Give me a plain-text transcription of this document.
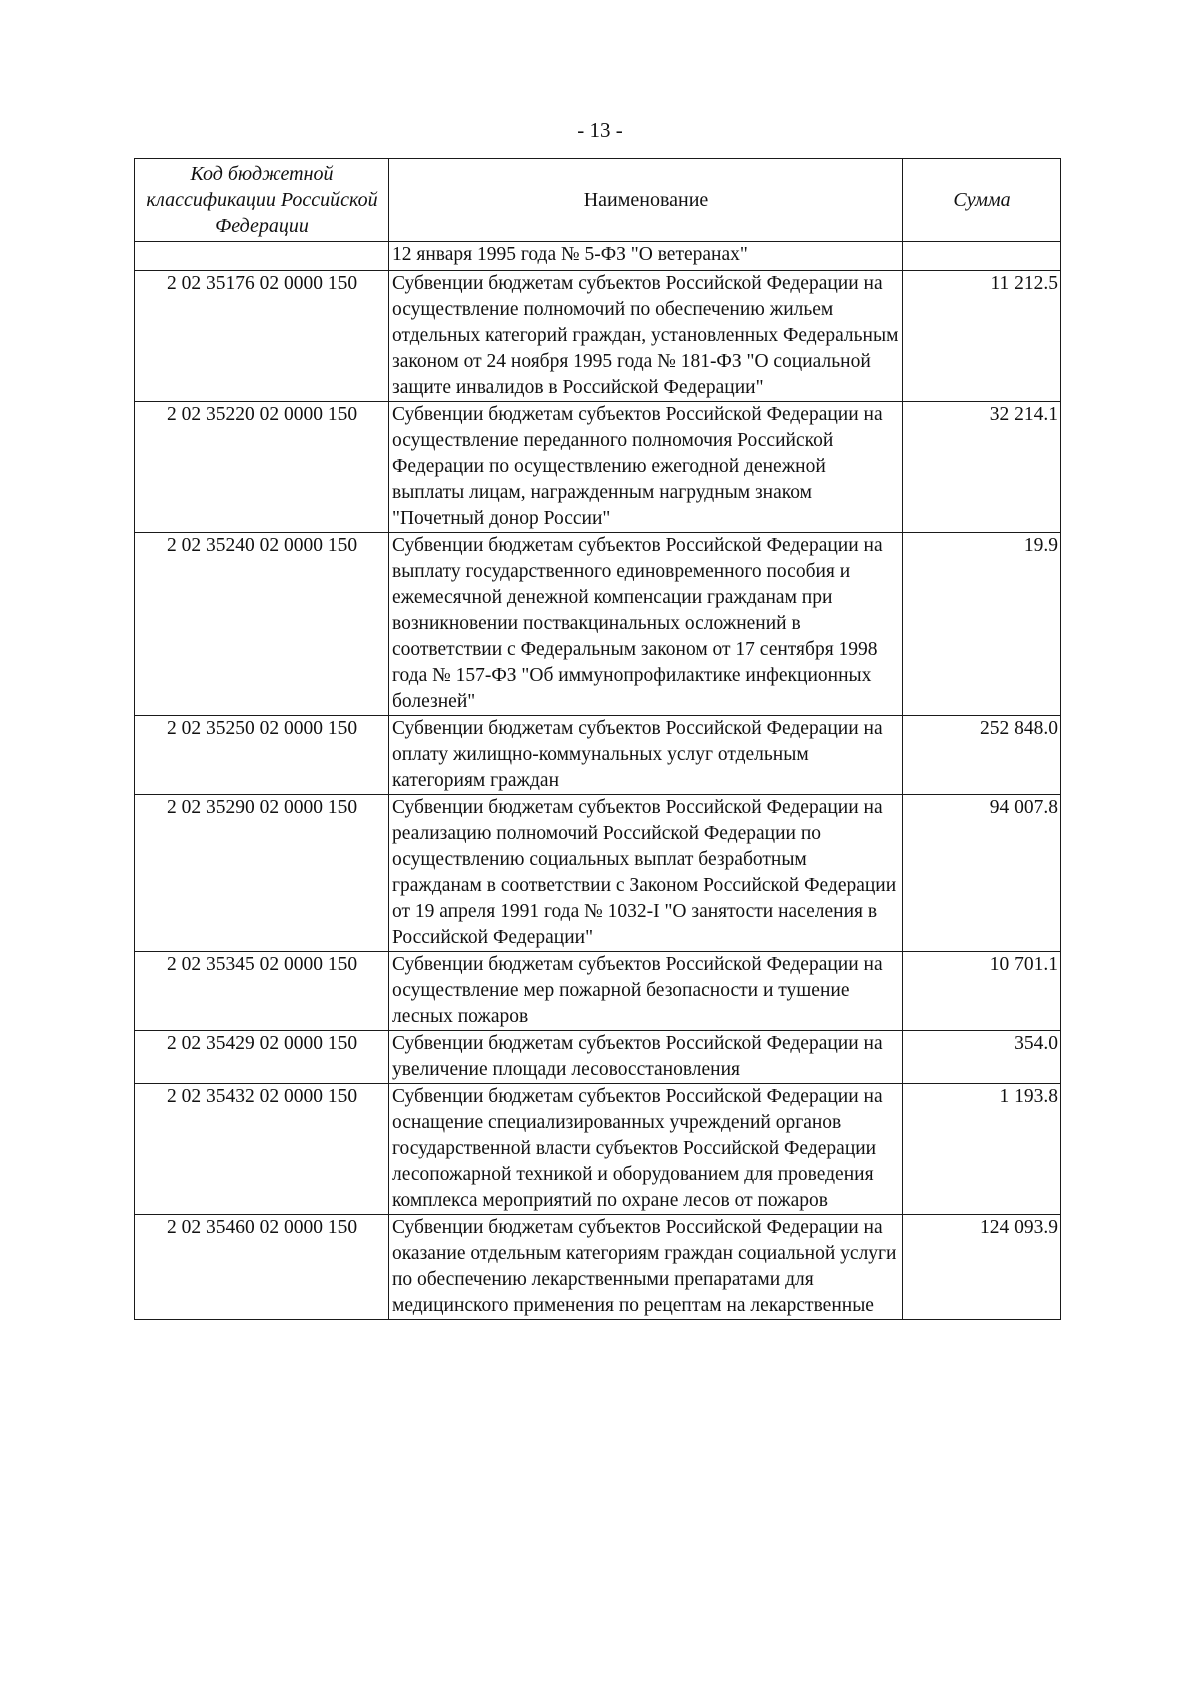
- 13 -
Код бюджетной классификации Российской Федерации	Наименование	Сумма
	12 января 1995 года № 5-ФЗ "О ветеранах"	
2 02 35176 02 0000 150	Субвенции бюджетам субъектов Российской Федерации на осуществление полномочий по обеспечению жильем отдельных категорий граждан, установленных Федеральным законом от 24 ноября 1995 года № 181-ФЗ "О социальной защите инвалидов в Российской Федерации"	11 212.5
2 02 35220 02 0000 150	Субвенции бюджетам субъектов Российской Федерации на осуществление переданного полномочия Российской Федерации по осуществлению ежегодной денежной выплаты лицам, награжденным нагрудным знаком "Почетный донор России"	32 214.1
2 02 35240 02 0000 150	Субвенции бюджетам субъектов Российской Федерации на выплату государственного единовременного пособия и ежемесячной денежной компенсации гражданам при возникновении поствакцинальных осложнений в соответствии с Федеральным законом от 17 сентября 1998 года № 157-ФЗ "Об иммунопрофилактике инфекционных болезней"	19.9
2 02 35250 02 0000 150	Субвенции бюджетам субъектов Российской Федерации на оплату жилищно-коммунальных услуг отдельным категориям граждан	252 848.0
2 02 35290 02 0000 150	Субвенции бюджетам субъектов Российской Федерации на реализацию полномочий Российской Федерации по осуществлению социальных выплат безработным гражданам в соответствии с Законом Российской Федерации от 19 апреля 1991 года № 1032-I "О занятости населения в Российской Федерации"	94 007.8
2 02 35345 02 0000 150	Субвенции бюджетам субъектов Российской Федерации на осуществление мер пожарной безопасности и тушение лесных пожаров	10 701.1
2 02 35429 02 0000 150	Субвенции бюджетам субъектов Российской Федерации на увеличение площади лесовосстановления	354.0
2 02 35432 02 0000 150	Субвенции бюджетам субъектов Российской Федерации на оснащение специализированных учреждений органов государственной власти субъектов Российской Федерации лесопожарной техникой и оборудованием для проведения комплекса мероприятий по охране лесов от пожаров	1 193.8
2 02 35460 02 0000 150	Субвенции бюджетам субъектов Российской Федерации на оказание отдельным категориям граждан социальной услуги по обеспечению лекарственными препаратами для медицинского применения по рецептам на лекарственные	124 093.9
